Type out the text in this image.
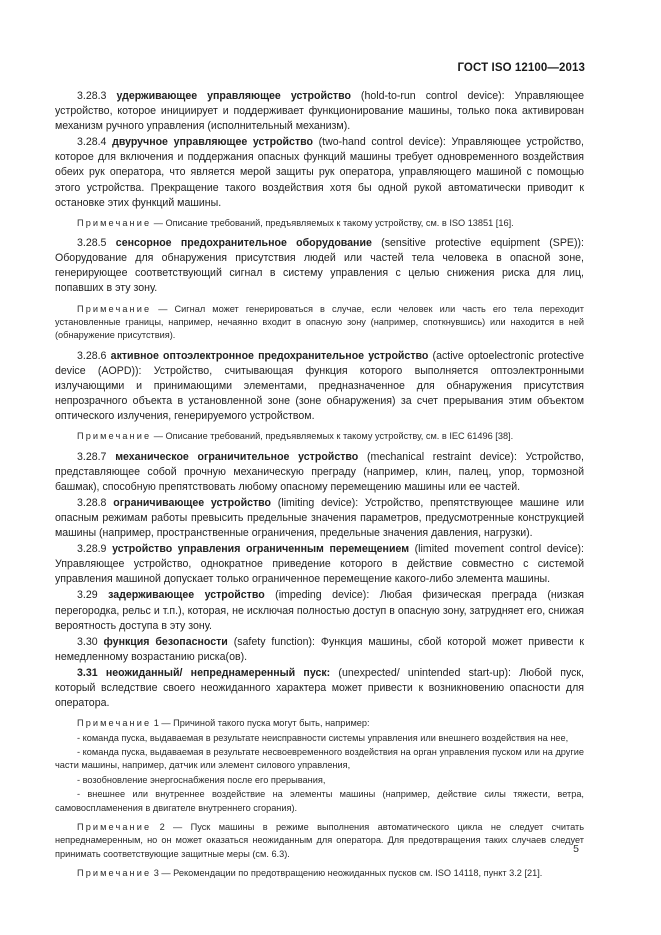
ГОСТ ISO 12100—2013

3.28.3 удерживающее управляющее устройство (hold-to-run control device): Управляющее устройство, которое инициирует и поддерживает функционирование машины, только пока активирован механизм ручного управления (исполнительный механизм).

3.28.4 двуручное управляющее устройство (two-hand control device): Управляющее устройство, которое для включения и поддержания опасных функций машины требует одновременного воздействия обеих рук оператора, что является мерой защиты рук оператора, управляющего машиной с помощью этого устройства. Прекращение такого воздействия хотя бы одной рукой автоматически приводит к остановке этих функций машины.

Примечание — Описание требований, предъявляемых к такому устройству, см. в ISO 13851 [16].

3.28.5 сенсорное предохранительное оборудование (sensitive protective equipment (SPE)): Оборудование для обнаружения присутствия людей или частей тела человека в опасной зоне, генерирующее соответствующий сигнал в систему управления с целью снижения риска для лиц, попавших в эту зону.

Примечание — Сигнал может генерироваться в случае, если человек или часть его тела переходит установленные границы, например, нечаянно входит в опасную зону (например, споткнувшись) или находится в ней (обнаружение присутствия).

3.28.6 активное оптоэлектронное предохранительное устройство (active optoelectronic protective device (AOPD)): Устройство, считывающая функция которого выполняется оптоэлектронными излучающими и принимающими элементами, предназначенное для обнаружения присутствия непрозрачного объекта в установленной зоне (зоне обнаружения) за счет прерывания этим объектом оптического излучения, генерируемого устройством.

Примечание — Описание требований, предъявляемых к такому устройству, см. в IEC 61496 [38].

3.28.7 механическое ограничительное устройство (mechanical restraint device): Устройство, представляющее собой прочную механическую преграду (например, клин, палец, упор, тормозной башмак), способную препятствовать любому опасному перемещению машины или ее частей.

3.28.8 ограничивающее устройство (limiting device): Устройство, препятствующее машине или опасным режимам работы превысить предельные значения параметров, предусмотренные конструкцией машины (например, пространственные ограничения, предельные значения давления, нагрузки).

3.28.9 устройство управления ограниченным перемещением (limited movement control device): Управляющее устройство, однократное приведение которого в действие совместно с системой управления машиной допускает только ограниченное перемещение какого-либо элемента машины.

3.29 задерживающее устройство (impeding device): Любая физическая преграда (низкая перегородка, рельс и т.п.), которая, не исключая полностью доступ в опасную зону, затрудняет его, снижая вероятность доступа в эту зону.

3.30 функция безопасности (safety function): Функция машины, сбой которой может привести к немедленному возрастанию риска(ов).

3.31 неожиданный/ непреднамеренный пуск: (unexpected/ unintended start-up): Любой пуск, который вследствие своего неожиданного характера может привести к возникновению опасности для оператора.

Примечание 1 — Причиной такого пуска могут быть, например:

- команда пуска, выдаваемая в результате неисправности системы управления или внешнего воздействия на нее,

- команда пуска, выдаваемая в результате несвоевременного воздействия на орган управления пуском или на другие части машины, например, датчик или элемент силового управления,

- возобновление энергоснабжения после его прерывания,

- внешнее или внутреннее воздействие на элементы машины (например, действие силы тяжести, ветра, самовоспламенения в двигателе внутреннего сгорания).

Примечание 2 — Пуск машины в режиме выполнения автоматического цикла не следует считать непреднамеренным, но он может оказаться неожиданным для оператора. Для предотвращения таких случаев следует принимать соответствующие защитные меры (см. 6.3).

Примечание 3 — Рекомендации по предотвращению неожиданных пусков см. ISO 14118, пункт 3.2 [21].

5
